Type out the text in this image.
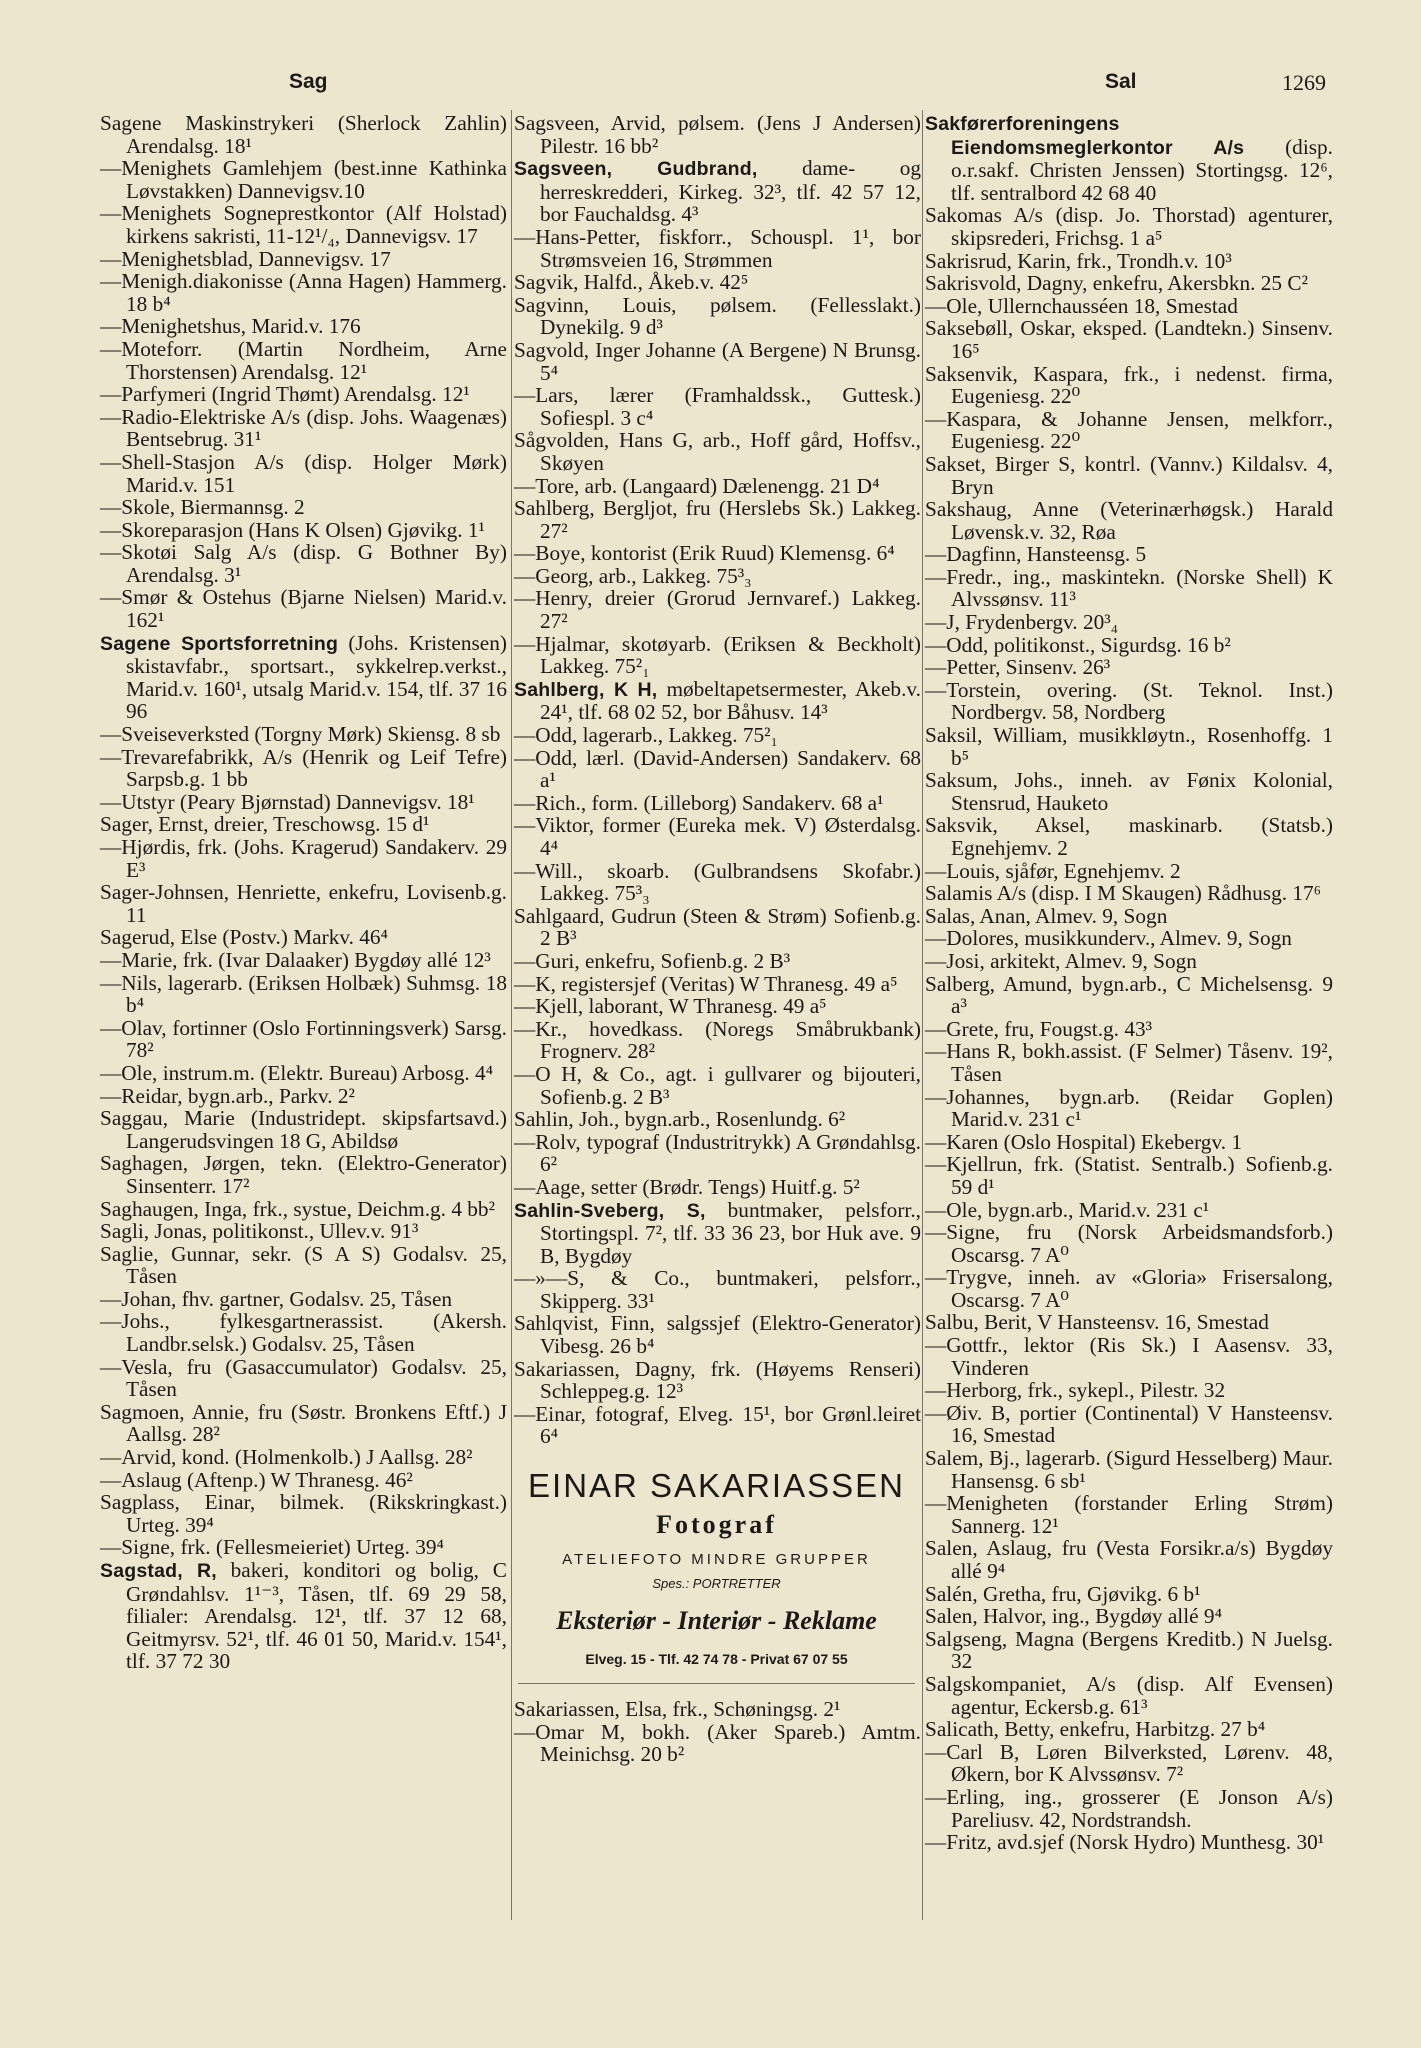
Sag	Sal	1269
Sagene Maskinstrykeri (Sherlock Zahlin) Arendalsg. 18¹
—Menighets Gamlehjem (best.inne Kathinka Løvstakken) Dannevigsv.10
—Menighets Sogneprestkontor (Alf Holstad) kirkens sakristi, 11-12¹/₄, Dannevigsv. 17
—Menighetsblad, Dannevigsv. 17
—Menigh.diakonisse (Anna Hagen) Hammerg. 18 b⁴
—Menighetshus, Marid.v. 176
—Moteforr. (Martin Nordheim, Arne Thorstensen) Arendalsg. 12¹
—Parfymeri (Ingrid Thømt) Arendalsg. 12¹
—Radio-Elektriske A/s (disp. Johs. Waagenæs) Bentsebrug. 31¹
—Shell-Stasjon A/s (disp. Holger Mørk) Marid.v. 151
—Skole, Biermannsg. 2
—Skoreparasjon (Hans K Olsen) Gjøvikg. 1¹
—Skotøi Salg A/s (disp. G Bothner By) Arendalsg. 3¹
—Smør & Ostehus (Bjarne Nielsen) Marid.v. 162¹
Sagene Sportsforretning (Johs. Kristensen) skistavfabr., sportsart., sykkelrep.verkst., Marid.v. 160¹, utsalg Marid.v. 154, tlf. 37 16 96
—Sveiseverksted (Torgny Mørk) Skiensg. 8 sb
—Trevarefabrikk, A/s (Henrik og Leif Tefre) Sarpsb.g. 1 bb
—Utstyr (Peary Bjørnstad) Dannevigsv. 18¹
Sager, Ernst, dreier, Treschowsg. 15 d¹
—Hjørdis, frk. (Johs. Kragerud) Sandakerv. 29 E³
Sager-Johnsen, Henriette, enkefru, Lovisenb.g. 11
Sagerud, Else (Postv.) Markv. 46⁴
—Marie, frk. (Ivar Dalaaker) Bygdøy allé 12³
—Nils, lagerarb. (Eriksen Holbæk) Suhmsg. 18 b⁴
—Olav, fortinner (Oslo Fortinningsverk) Sarsg. 78²
—Ole, instrum.m. (Elektr. Bureau) Arbosg. 4⁴
—Reidar, bygn.arb., Parkv. 2²
Saggau, Marie (Industridept. skipsfartsavd.) Langerudsvingen 18 G, Abildsø
Saghagen, Jørgen, tekn. (Elektro-Generator) Sinsenterr. 17²
Saghaugen, Inga, frk., systue, Deichm.g. 4 bb²
Sagli, Jonas, politikonst., Ullev.v. 91³
Saglie, Gunnar, sekr. (S A S) Godalsv. 25, Tåsen
—Johan, fhv. gartner, Godalsv. 25, Tåsen
—Johs., fylkesgartnerassist. (Akersh. Landbr.selsk.) Godalsv. 25, Tåsen
—Vesla, fru (Gasaccumulator) Godalsv. 25, Tåsen
Sagmoen, Annie, fru (Søstr. Bronkens Eftf.) J Aallsg. 28²
—Arvid, kond. (Holmenkolb.) J Aallsg. 28²
—Aslaug (Aftenp.) W Thranesg. 46²
Sagplass, Einar, bilmek. (Rikskringkast.) Urteg. 39⁴
—Signe, frk. (Fellesmeieriet) Urteg. 39⁴
Sagstad, R, bakeri, konditori og bolig, C Grøndahlsv. 1¹⁻³, Tåsen, tlf. 69 29 58, filialer: Arendalsg. 12¹, tlf. 37 12 68, Geitmyrsv. 52¹, tlf. 46 01 50, Marid.v. 154¹, tlf. 37 72 30
Sagsveen, Arvid, pølsem. (Jens J Andersen) Pilestr. 16 bb²
Sagsveen, Gudbrand, dame- og herreskredderi, Kirkeg. 32³, tlf. 42 57 12, bor Fauchaldsg. 4³
—Hans-Petter, fiskforr., Schouspl. 1¹, bor Strømsveien 16, Strømmen
Sagvik, Halfd., Åkeb.v. 42⁵
Sagvinn, Louis, pølsem. (Fellesslakt.) Dynekilg. 9 d³
Sagvold, Inger Johanne (A Bergene) N Brunsg. 5⁴
—Lars, lærer (Framhaldssk., Guttesk.) Sofiespl. 3 c⁴
Sågvolden, Hans G, arb., Hoff gård, Hoffsv., Skøyen
—Tore, arb. (Langaard) Dælenengg. 21 D⁴
Sahlberg, Bergljot, fru (Herslebs Sk.) Lakkeg. 27²
—Boye, kontorist (Erik Ruud) Klemensg. 6⁴
—Georg, arb., Lakkeg. 75³₃
—Henry, dreier (Grorud Jernvaref.) Lakkeg. 27²
—Hjalmar, skotøyarb. (Eriksen & Beckholt) Lakkeg. 75²₁
Sahlberg, K H, møbeltapetsermester, Akeb.v. 24¹, tlf. 68 02 52, bor Båhusv. 14³
—Odd, lagerarb., Lakkeg. 75²₁
—Odd, lærl. (David-Andersen) Sandakerv. 68 a¹
—Rich., form. (Lilleborg) Sandakerv. 68 a¹
—Viktor, former (Eureka mek. V) Østerdalsg. 4⁴
—Will., skoarb. (Gulbrandsens Skofabr.) Lakkeg. 75³₃
Sahlgaard, Gudrun (Steen & Strøm) Sofienb.g. 2 B³
—Guri, enkefru, Sofienb.g. 2 B³
—K, registersjef (Veritas) W Thranesg. 49 a⁵
—Kjell, laborant, W Thranesg. 49 a⁵
—Kr., hovedkass. (Noregs Småbrukbank) Frognerv. 28²
—O H, & Co., agt. i gullvarer og bijouteri, Sofienb.g. 2 B³
Sahlin, Joh., bygn.arb., Rosenlundg. 6²
—Rolv, typograf (Industritrykk) A Grøndahlsg. 6²
—Aage, setter (Brødr. Tengs) Huitf.g. 5²
Sahlin-Sveberg, S, buntmaker, pelsforr., Stortingspl. 7², tlf. 33 36 23, bor Huk ave. 9 B, Bygdøy
—»—S, & Co., buntmakeri, pelsforr., Skipperg. 33¹
Sahlqvist, Finn, salgssjef (Elektro-Generator) Vibesg. 26 b⁴
Sakariassen, Dagny, frk. (Høyems Renseri) Schleppeg.g. 12³
—Einar, fotograf, Elveg. 15¹, bor Grønl.leiret 6⁴
EINAR SAKARIASSEN
Fotograf
ATELIEFOTO MINDRE GRUPPER
Spes.: PORTRETTER
Eksteriør - Interiør - Reklame
Elveg. 15 - Tlf. 42 74 78 - Privat 67 07 55
Sakariassen, Elsa, frk., Schøningsg. 2¹
—Omar M, bokh. (Aker Spareb.) Amtm. Meinichsg. 20 b²
Sakførerforeningens Eiendomsmeglerkontor A/s (disp. o.r.sakf. Christen Jenssen) Stortingsg. 12⁶, tlf. sentralbord 42 68 40
Sakomas A/s (disp. Jo. Thorstad) agenturer, skipsrederi, Frichsg. 1 a⁵
Sakrisrud, Karin, frk., Trondh.v. 10³
Sakrisvold, Dagny, enkefru, Akersbkn. 25 C²
—Ole, Ullernchausséen 18, Smestad
Saksebøll, Oskar, eksped. (Landtekn.) Sinsenv. 16⁵
Saksenvik, Kaspara, frk., i nedenst. firma, Eugeniesg. 22⁰
—Kaspara, & Johanne Jensen, melkforr., Eugeniesg. 22⁰
Sakset, Birger S, kontrl. (Vannv.) Kildalsv. 4, Bryn
Sakshaug, Anne (Veterinærhøgsk.) Harald Løvensk.v. 32, Røa
—Dagfinn, Hansteensg. 5
—Fredr., ing., maskintekn. (Norske Shell) K Alvssønsv. 11³
—J, Frydenbergv. 20³₄
—Odd, politikonst., Sigurdsg. 16 b²
—Petter, Sinsenv. 26³
—Torstein, overing. (St. Teknol. Inst.) Nordbergv. 58, Nordberg
Saksil, William, musikkløytn., Rosenhoffg. 1 b⁵
Saksum, Johs., inneh. av Fønix Kolonial, Stensrud, Hauketo
Saksvik, Aksel, maskinarb. (Statsb.) Egnehjemv. 2
—Louis, sjåfør, Egnehjemv. 2
Salamis A/s (disp. I M Skaugen) Rådhusg. 17⁶
Salas, Anan, Almev. 9, Sogn
—Dolores, musikkunderv., Almev. 9, Sogn
—Josi, arkitekt, Almev. 9, Sogn
Salberg, Amund, bygn.arb., C Michelsensg. 9 a³
—Grete, fru, Fougst.g. 43³
—Hans R, bokh.assist. (F Selmer) Tåsenv. 19², Tåsen
—Johannes, bygn.arb. (Reidar Goplen) Marid.v. 231 c¹
—Karen (Oslo Hospital) Ekebergv. 1
—Kjellrun, frk. (Statist. Sentralb.) Sofienb.g. 59 d¹
—Ole, bygn.arb., Marid.v. 231 c¹
—Signe, fru (Norsk Arbeidsmandsforb.) Oscarsg. 7 A⁰
—Trygve, inneh. av «Gloria» Frisersalong, Oscarsg. 7 A⁰
Salbu, Berit, V Hansteensv. 16, Smestad
—Gottfr., lektor (Ris Sk.) I Aasensv. 33, Vinderen
—Herborg, frk., sykepl., Pilestr. 32
—Øiv. B, portier (Continental) V Hansteensv. 16, Smestad
Salem, Bj., lagerarb. (Sigurd Hesselberg) Maur. Hansensg. 6 sb¹
—Menigheten (forstander Erling Strøm) Sannerg. 12¹
Salen, Aslaug, fru (Vesta Forsikr.a/s) Bygdøy allé 9⁴
Salén, Gretha, fru, Gjøvikg. 6 b¹
Salen, Halvor, ing., Bygdøy allé 9⁴
Salgseng, Magna (Bergens Kreditb.) N Juelsg. 32
Salgskompaniet, A/s (disp. Alf Evensen) agentur, Eckersb.g. 61³
Salicath, Betty, enkefru, Harbitzg. 27 b⁴
—Carl B, Løren Bilverksted, Lørenv. 48, Økern, bor K Alvssønsv. 7²
—Erling, ing., grosserer (E Jonson A/s) Pareliusv. 42, Nordstrandsh.
—Fritz, avd.sjef (Norsk Hydro) Munthesg. 30¹
